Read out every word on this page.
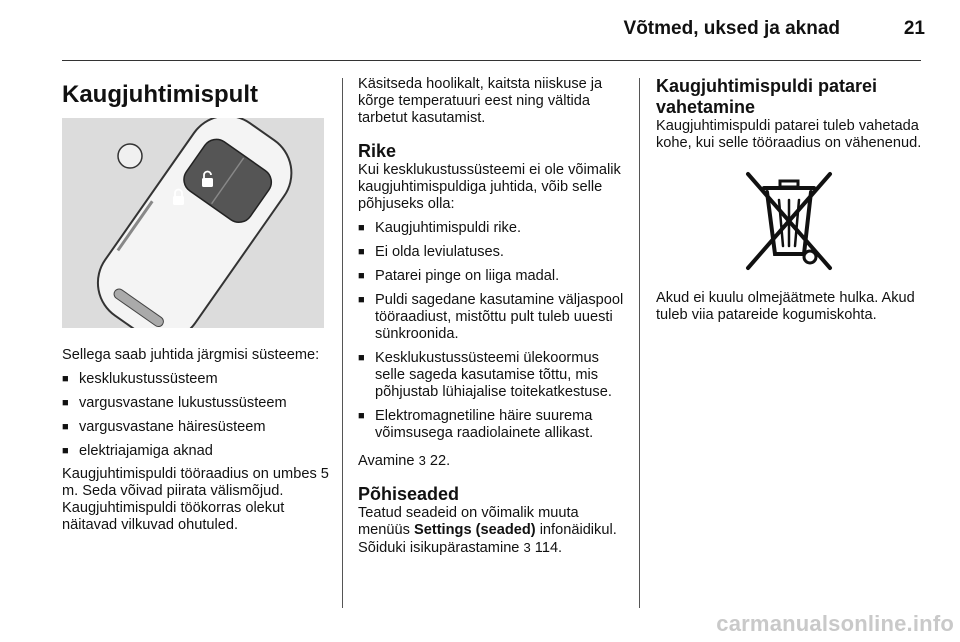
Võtmed, uksed ja aknad	21
Kaugjuhtimispult

Sellega saab juhtida järgmisi süsteeme:

■ kesklukustussüsteem
■ vargusvastane lukustussüsteem
■ vargusvastane häiresüsteem
■ elektriajamiga aknad

Kaugjuhtimispuldi tööraadius on umbes 5 m. Seda võivad piirata välismõjud. Kaugjuhtimispuldi töökorras olekut näitavad vilkuvad ohutuled.

Käsitseda hoolikalt, kaitsta niiskuse ja kõrge temperatuuri eest ning vältida tarbetut kasutamist.

Rike

Kui kesklukustussüsteemi ei ole võimalik kaugjuhtimispuldiga juhtida, võib selle põhjuseks olla:

■ Kaugjuhtimispuldi rike.
■ Ei olda leviulatuses.
■ Patarei pinge on liiga madal.
■ Puldi sagedane kasutamine väljaspool tööraadiust, mistõttu pult tuleb uuesti sünkroonida.
■ Kesklukustussüsteemi ülekoormus selle sageda kasutamise tõttu, mis põhjustab lühiajalise toitekatkestuse.
■ Elektromagnetiline häire suurema võimsusega raadiolainete allikast.

Avamine 3 22.

Põhiseaded

Teatud seadeid on võimalik muuta menüüs Settings (seaded) infonäidikul. Sõiduki isikupärastamine 3 114.

Kaugjuhtimispuldi patarei vahetamine

Kaugjuhtimispuldi patarei tuleb vahetada kohe, kui selle tööraadius on vähenenud.

Akud ei kuulu olmejäätmete hulka. Akud tuleb viia patareide kogumiskohta.

carmanualsonline.info
